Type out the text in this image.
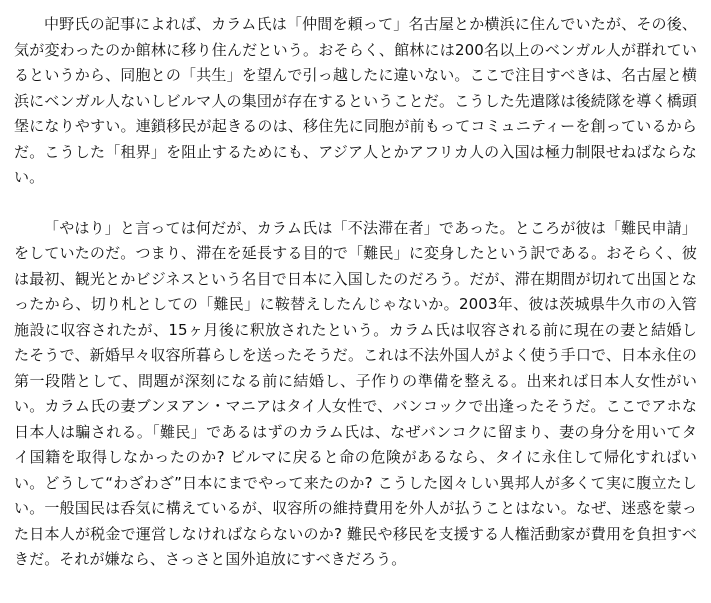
中野氏の記事によれば、カラム氏は「仲間を頼って」名古屋とか横浜に住んでいたが、その後、気が変わったのか館林に移り住んだという。おそらく、館林には200名以上のベンガル人が群れているというから、同胞との「共生」を望んで引っ越したに違いない。ここで注目すべきは、名古屋と横浜にベンガル人ないしビルマ人の集団が存在するということだ。こうした先遣隊は後続隊を導く橋頭堡になりやすい。連鎖移民が起きるのは、移住先に同胞が前もってコミュニティーを創っているからだ。こうした「租界」を阻止するためにも、アジア人とかアフリカ人の入国は極力制限せねばならない。

「やはり」と言っては何だが、カラム氏は「不法滞在者」であった。ところが彼は「難民申請」をしていたのだ。つまり、滞在を延長する目的で「難民」に変身したという訳である。おそらく、彼は最初、観光とかビジネスという名目で日本に入国したのだろう。だが、滞在期間が切れて出国となったから、切り札としての「難民」に鞍替えしたんじゃないか。2003年、彼は茨城県牛久市の入管施設に収容されたが、15ヶ月後に釈放されたという。カラム氏は収容される前に現在の妻と結婚したそうで、新婚早々収容所暮らしを送ったそうだ。これは不法外国人がよく使う手口で、日本永住の第一段階として、問題が深刻になる前に結婚し、子作りの準備を整える。出来れば日本人女性がいい。カラム氏の妻ブンヌアン・マニアはタイ人女性で、バンコックで出逢ったそうだ。ここでアホな日本人は騙される。「難民」であるはずのカラム氏は、なぜバンコクに留まり、妻の身分を用いてタイ国籍を取得しなかったのか? ビルマに戻ると命の危険があるなら、タイに永住して帰化すればいい。どうして“わざわざ”日本にまでやって来たのか? こうした図々しい異邦人が多くて実に腹立たしい。一般国民は呑気に構えているが、収容所の維持費用を外人が払うことはない。なぜ、迷惑を蒙った日本人が税金で運営しなければならないのか? 難民や移民を支援する人権活動家が費用を負担すべきだ。それが嫌なら、さっさと国外追放にすべきだろう。
